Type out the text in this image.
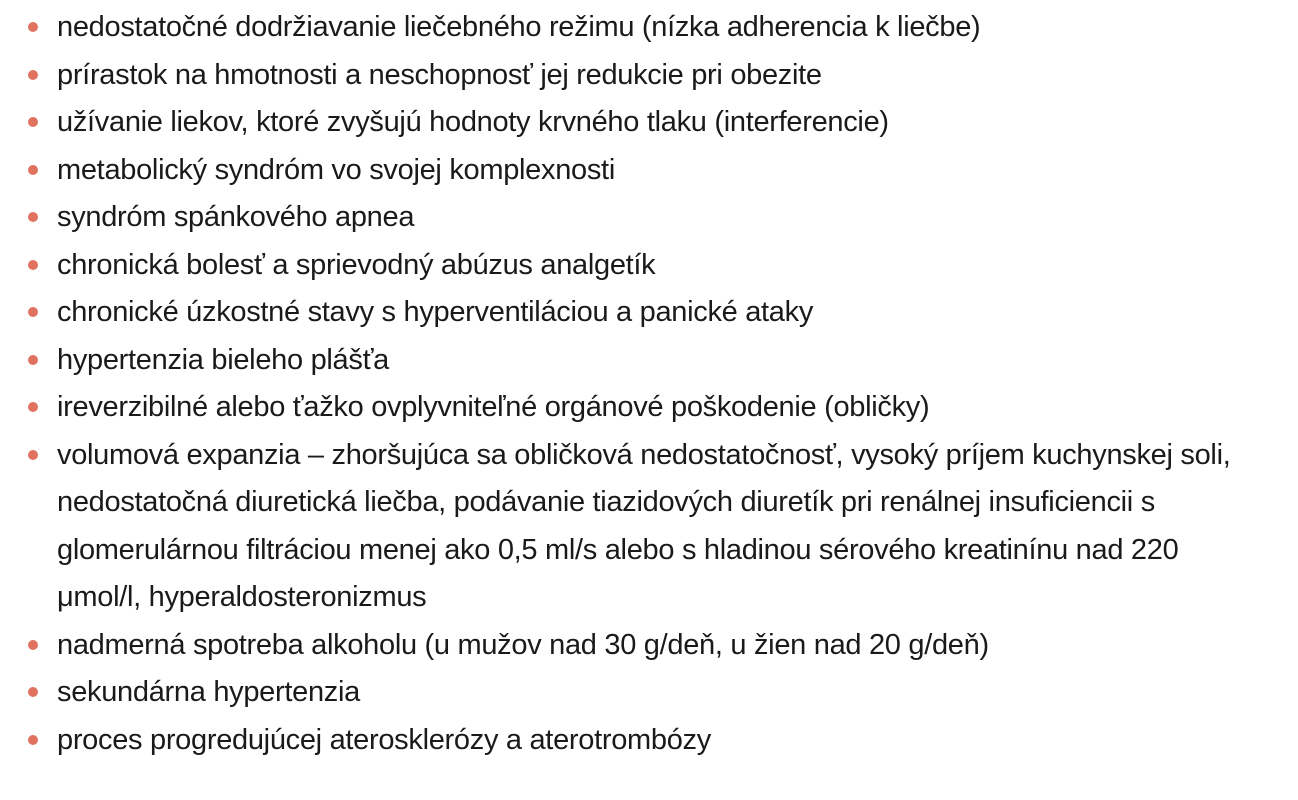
nedostatočné dodržiavanie liečebného režimu (nízka adherencia k liečbe)
prírastok na hmotnosti a neschopnosť jej redukcie pri obezite
užívanie liekov, ktoré zvyšujú hodnoty krvného tlaku (interferencie)
metabolický syndróm vo svojej komplexnosti
syndróm spánkového apnea
chronická bolesť a sprievodný abúzus analgetík
chronické úzkostné stavy s hyperventiláciou a panické ataky
hypertenzia bieleho plášťa
ireverzibilné alebo ťažko ovplyvniteľné orgánové poškodenie (obličky)
volumová expanzia – zhoršujúca sa obličková nedostatočnosť, vysoký príjem kuchynskej soli, nedostatočná diuretická liečba, podávanie tiazidových diuretík pri renálnej insuficiencii s glomerulárnou filtráciou menej ako 0,5 ml/s alebo s hladinou sérového kreatinínu nad 220 μmol/l, hyperaldosteronizmus
nadmerná spotreba alkoholu (u mužov nad 30 g/deň, u žien nad 20 g/deň)
sekundárna hypertenzia
proces progredujúcej aterosklerózy a aterotrombózy
